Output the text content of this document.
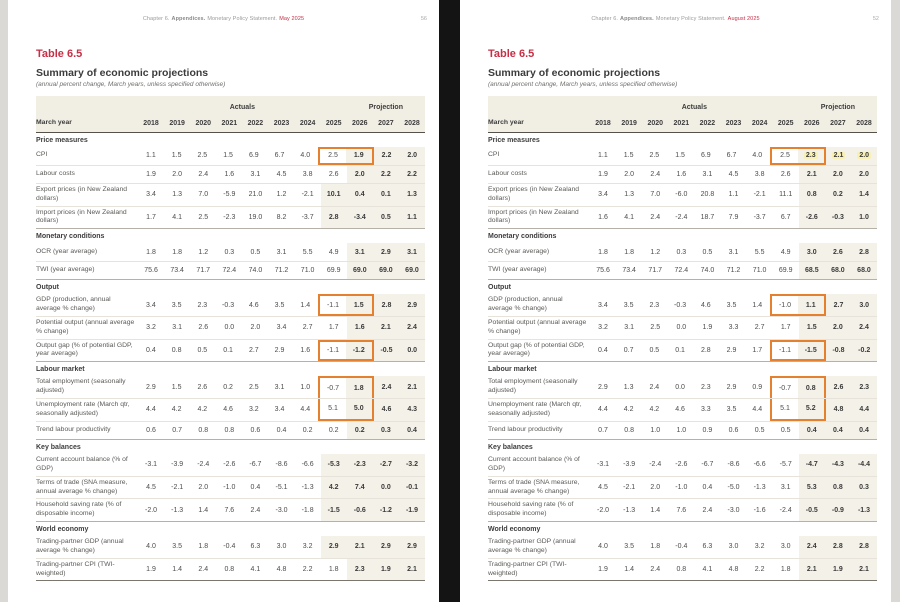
Chapter 6. Appendices. Monetary Policy Statement. May 2025	56
Table 6.5
Summary of economic projections
(annual percent change, March years, unless specified otherwise)
Actuals	Projection
March year	2018	2019	2020	2021	2022	2023	2024	2025	2026	2027	2028
Price measures
CPI	1.1 1.5 2.5 1.5 6.9 6.7 4.0	2.5 1.9	2.2 2.0
Labour costs	1.9 2.0 2.4 1.6 3.1 4.5 3.8 2.6 2.0 2.2 2.2
Export prices (in New Zealand dollars)	3.4 1.3 7.0 -5.9 21.0 1.2 -2.1 10.1 0.4 0.1 1.3
Import prices (in New Zealand dollars)	1.7 4.1 2.5 -2.3 19.0 8.2 -3.7 2.8 -3.4 0.5 1.1
Monetary conditions
OCR (year average)	1.8 1.8 1.2 0.3 0.5 3.1 5.5 4.9 3.1 2.9 3.1
TWI (year average)	75.6 73.4 71.7 72.4 74.0 71.2 71.0 69.9 69.0 69.0 69.0
Output
GDP (production, annual average % change)	3.4 3.5 2.3 -0.3 4.6 3.5 1.4 -1.1 1.5	2.8 2.9
Potential output (annual average % change)	3.2 3.1 2.6 0.0 2.0 3.4 2.7 1.7 1.6 2.1 2.4
Output gap (% of potential GDP, year average)	0.4 0.8 0.5 0.1 2.7 2.9 1.6 -1.1 -1.2 -0.5 0.0
Labour market
Total employment (seasonally adjusted)	2.9 1.5 2.6 0.2 2.5 3.1 1.0 -0.7 1.8	2.4 2.1
Unemployment rate (March qtr, seasonally adjusted)	4.4 4.2 4.2 4.6 3.2 3.4 4.4	5.1 5.0	4.6 4.3
Trend labour productivity	0.6 0.7 0.8 0.8 0.6 0.4 0.2 0.2 0.2 0.3 0.4
Key balances
Current account balance (% of GDP)	-3.1 -3.9 -2.4 -2.6 -6.7 -8.6 -6.6 -5.3 -2.3 -2.7 -3.2
Terms of trade (SNA measure, annual average % change)	4.5 -2.1 2.0 -1.0 0.4 -5.1 -1.3 4.2 7.4 0.0 -0.1
Household saving rate (% of disposable income)	-2.0 -1.3 1.4 7.6 2.4 -3.0 -1.8 -1.5 -0.6 -1.2 -1.9
World economy
Trading-partner GDP (annual average % change)	4.0 3.5 1.8 -0.4 6.3 3.0 3.2 2.9 2.1 2.9 2.9
Trading-partner CPI (TWI-weighted)	1.9 1.4 2.4 0.8 4.1 4.8 2.2 1.8 2.3 1.9 2.1
Chapter 6. Appendices. Monetary Policy Statement. August 2025	52
Table 6.5
Summary of economic projections
(annual percent change, March years, unless specified otherwise)
Actuals	Projection
March year	2018	2019	2020	2021	2022	2023	2024	2025	2026	2027	2028
Price measures
CPI	1.1 1.5 2.5 1.5 6.9 6.7 4.0	2.5 2.3	2.1 2.0
Labour costs	1.9 2.0 2.4 1.6 3.1 4.5 3.8 2.6 2.1 2.0 2.0
Export prices (in New Zealand dollars)	3.4 1.3 7.0 -6.0 20.8 1.1 -2.1 11.1 0.8 0.2 1.4
Import prices (in New Zealand dollars)	1.6 4.1 2.4 -2.4 18.7 7.9 -3.7 6.7 -2.6 -0.3 1.0
Monetary conditions
OCR (year average)	1.8 1.8 1.2 0.3 0.5 3.1 5.5 4.9 3.0 2.6 2.8
TWI (year average)	75.6 73.4 71.7 72.4 74.0 71.2 71.0 69.9 68.5 68.0 68.0
Output
GDP (production, annual average % change)	3.4 3.5 2.3 -0.3 4.6 3.5 1.4 -1.0 1.1	2.7 3.0
Potential output (annual average % change)	3.2 3.1 2.5 0.0 1.9 3.3 2.7 1.7 1.5 2.0 2.4
Output gap (% of potential GDP, year average)	0.4 0.7 0.5 0.1 2.8 2.9 1.7 -1.1 -1.5 -0.8 -0.2
Labour market
Total employment (seasonally adjusted)	2.9 1.3 2.4 0.0 2.3 2.9 0.9 -0.7 0.8	2.6 2.3
Unemployment rate (March qtr, seasonally adjusted)	4.4 4.2 4.2 4.6 3.3 3.5 4.4	5.1 5.2	4.8 4.4
Trend labour productivity	0.7 0.8 1.0 1.0 0.9 0.6 0.5 0.5 0.4 0.4 0.4
Key balances
Current account balance (% of GDP)	-3.1 -3.9 -2.4 -2.6 -6.7 -8.6 -6.6 -5.7 -4.7 -4.3 -4.4
Terms of trade (SNA measure, annual average % change)	4.5 -2.1 2.0 -1.0 0.4 -5.0 -1.3 3.1 5.3 0.8 0.3
Household saving rate (% of disposable income)	-2.0 -1.3 1.4 7.6 2.4 -3.0 -1.6 -2.4 -0.5 -0.9 -1.3
World economy
Trading-partner GDP (annual average % change)	4.0 3.5 1.8 -0.4 6.3 3.0 3.2 3.0 2.4 2.8 2.8
Trading-partner CPI (TWI-weighted)	1.9 1.4 2.4 0.8 4.1 4.8 2.2 1.8 2.1 1.9 2.1
